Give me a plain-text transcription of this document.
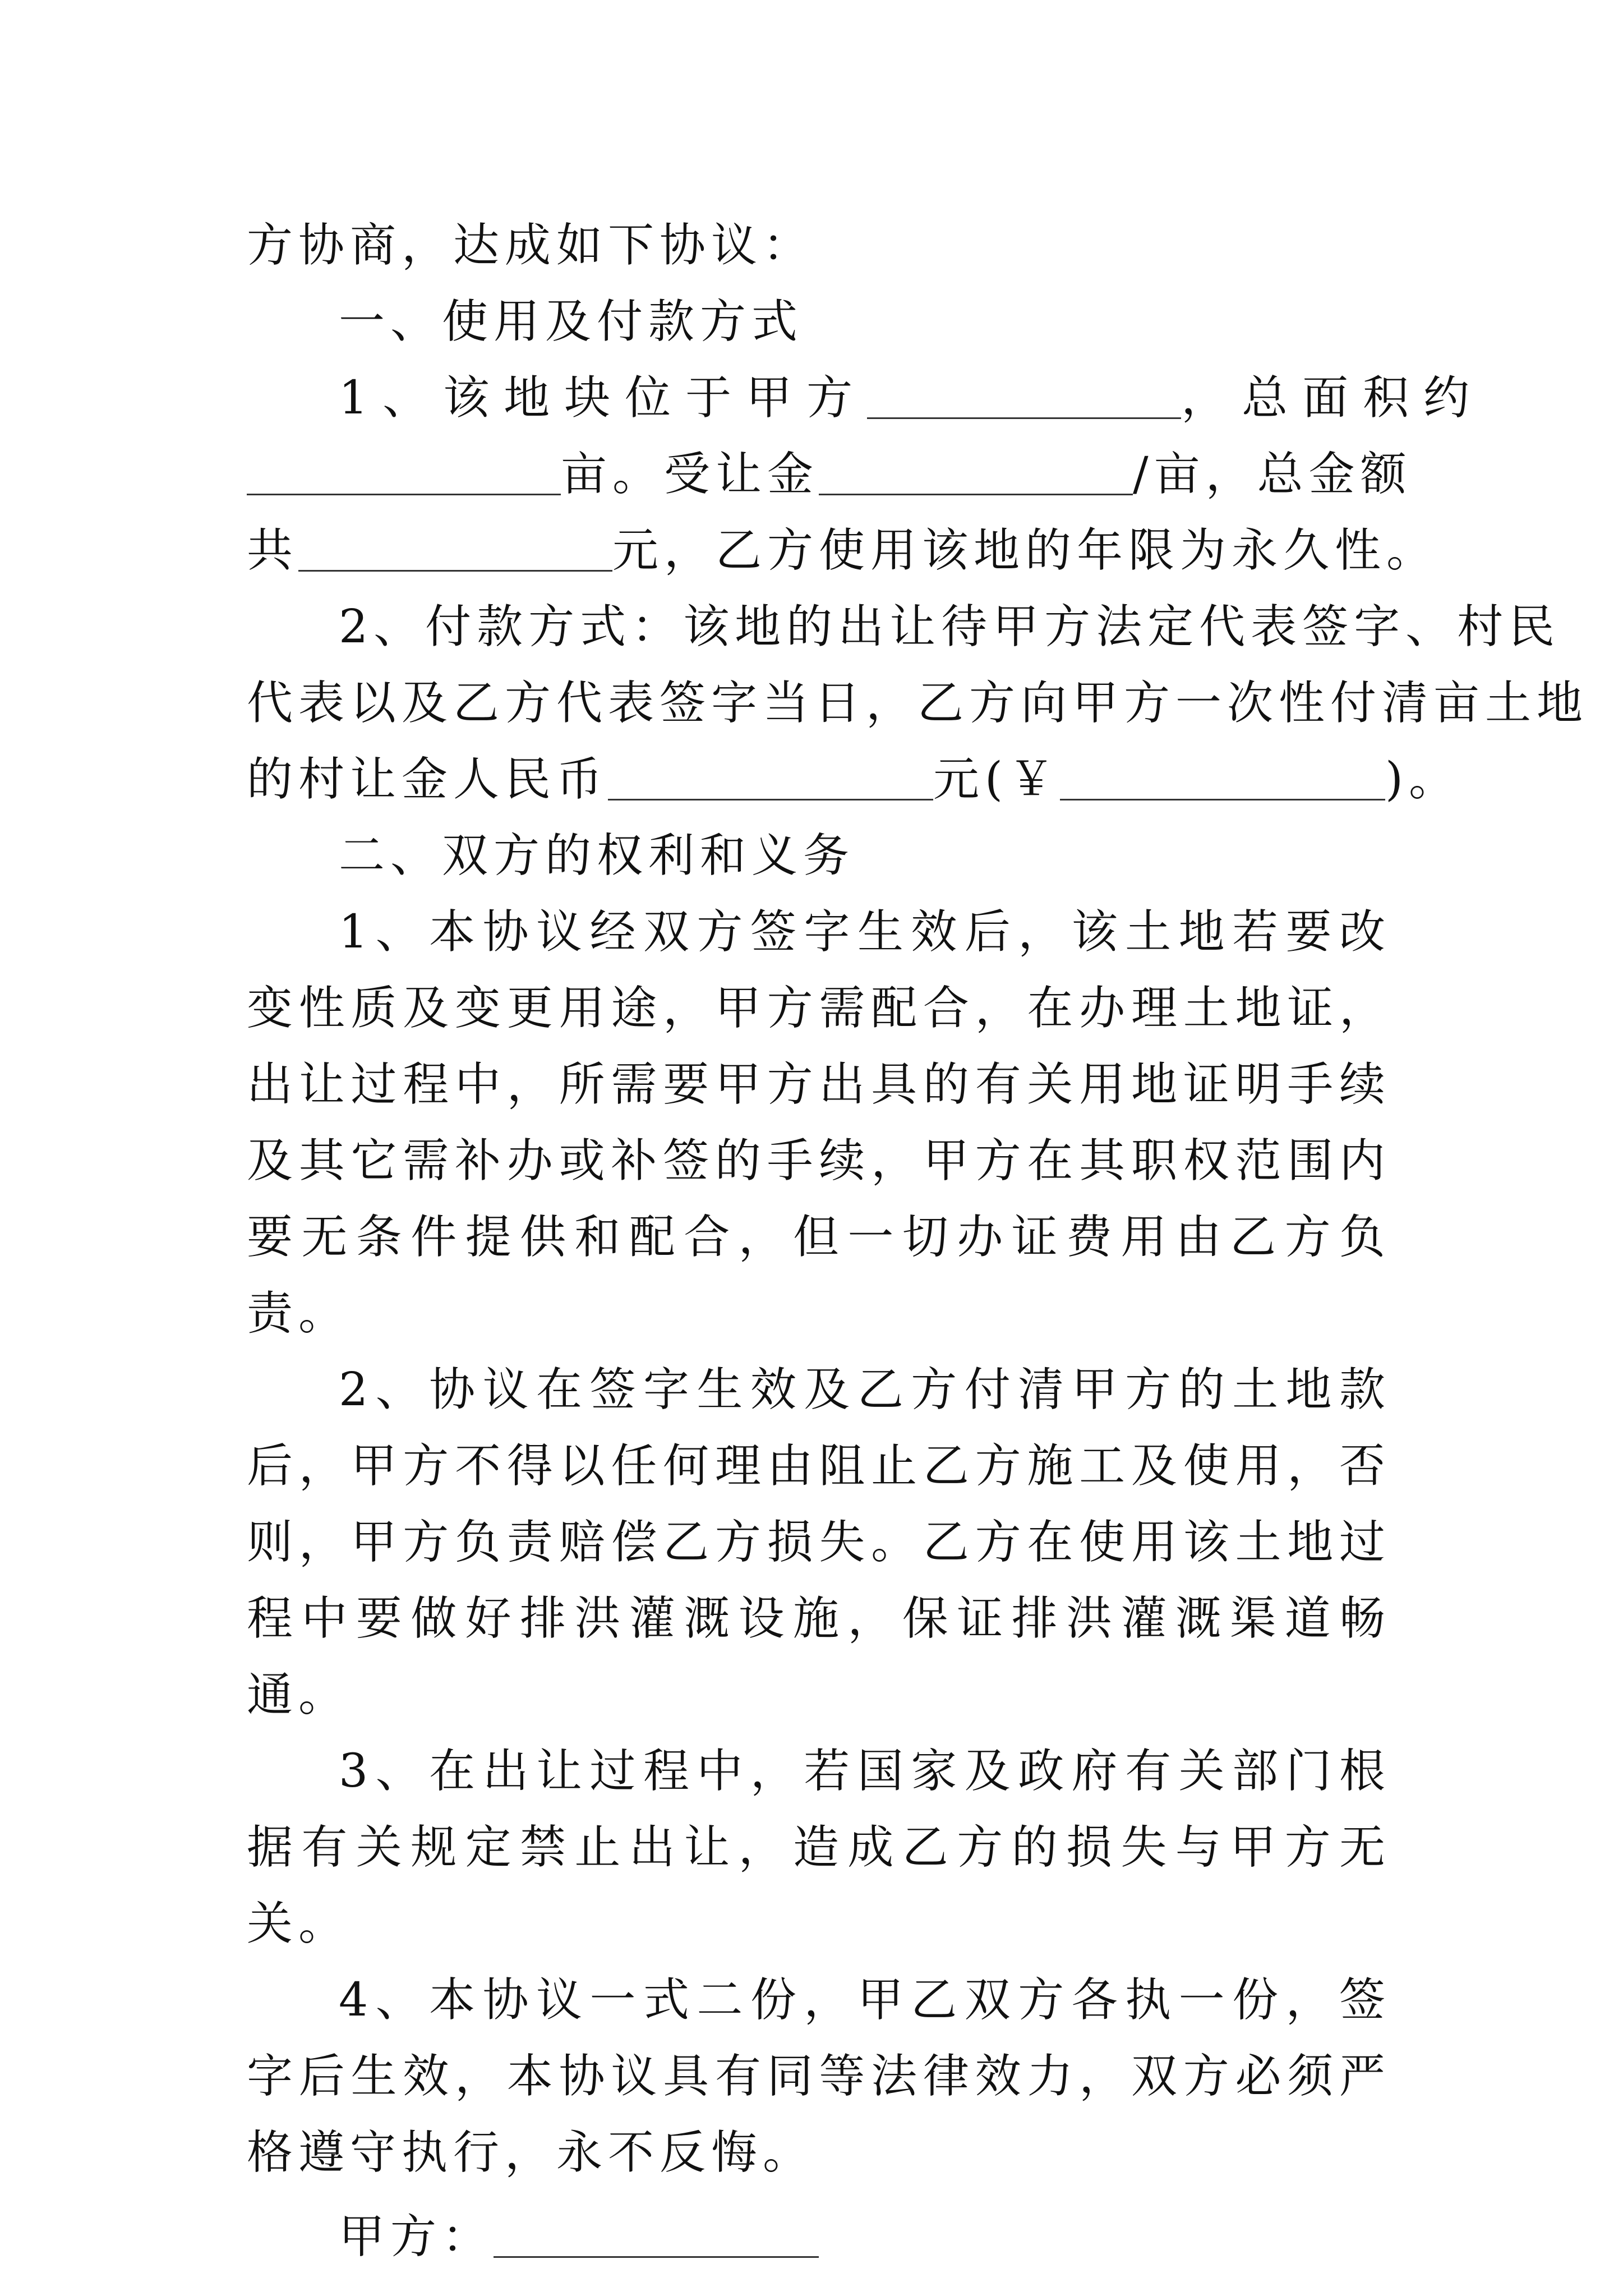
方协商，达成如下协议：

一、使用及付款方式

1、该地块位于甲方	，总面积约
亩。受让金	/亩，总金额
共	元，乙方使用该地的年限为永久性。
2、付款方式：该地的出让待甲方法定代表签字、村民
代表以及乙方代表签字当日，乙方向甲方一次性付清亩土地
的村让金人民币	元(￥	)。

二、双方的权利和义务

1、本协议经双方签字生效后，该土地若要改变性质及变更用途，甲方需配合，在办理土地证，出让过程中，所需要甲方出具的有关用地证明手续及其它需补办或补签的手续，甲方在其职权范围内要无条件提供和配合，但一切办证费用由乙方负责。

2、协议在签字生效及乙方付清甲方的土地款后，甲方不得以任何理由阻止乙方施工及使用，否则，甲方负责赔偿乙方损失。乙方在使用该土地过程中要做好排洪灌溉设施，保证排洪灌溉渠道畅通。

3、在出让过程中，若国家及政府有关部门根据有关规定禁止出让，造成乙方的损失与甲方无关。

4、本协议一式二份，甲乙双方各执一份，签字后生效，本协议具有同等法律效力，双方必须严格遵守执行，永不反悔。

甲方：
